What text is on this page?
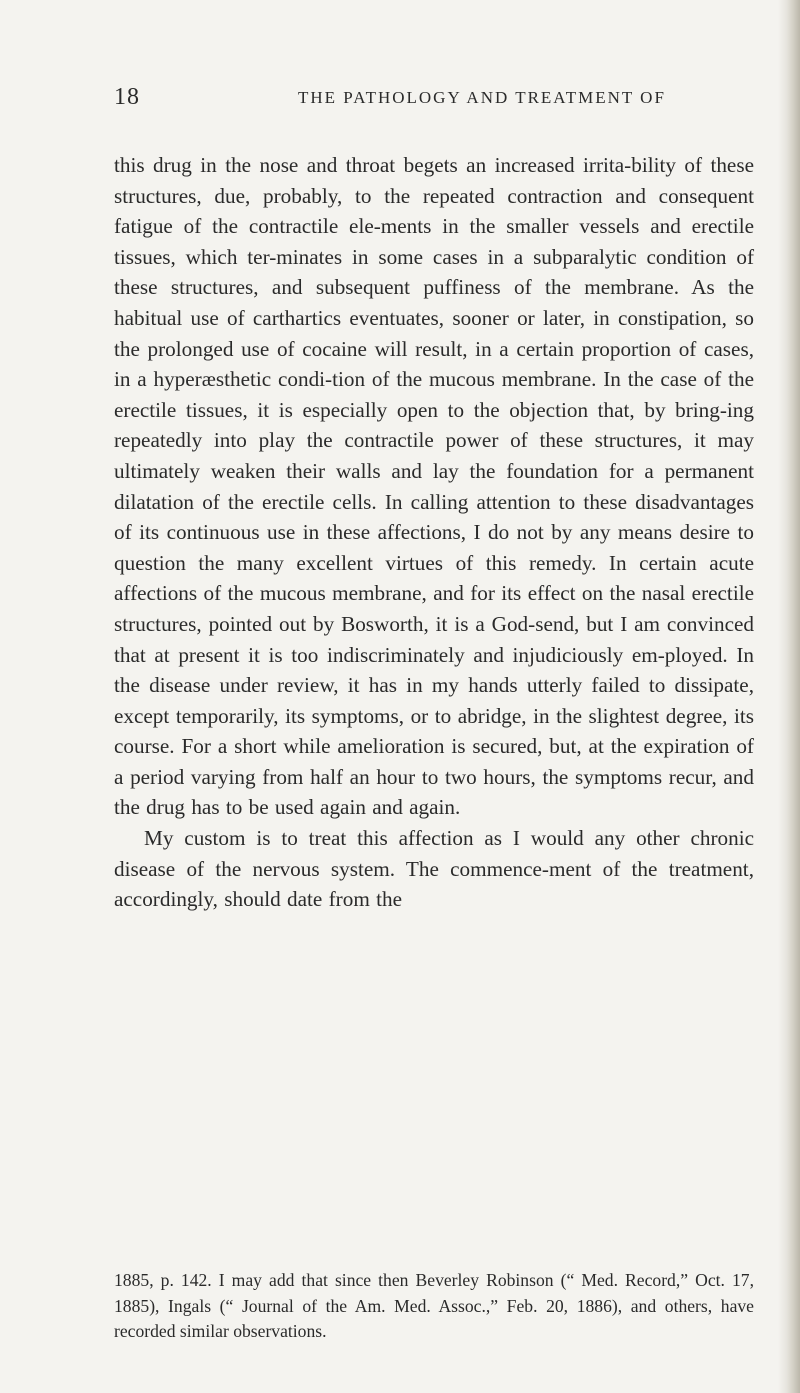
18	THE PATHOLOGY AND TREATMENT OF

this drug in the nose and throat begets an increased irrita-bility of these structures, due, probably, to the repeated contraction and consequent fatigue of the contractile ele-ments in the smaller vessels and erectile tissues, which ter-minates in some cases in a subparalytic condition of these structures, and subsequent puffiness of the membrane. As the habitual use of carthartics eventuates, sooner or later, in constipation, so the prolonged use of cocaine will result, in a certain proportion of cases, in a hyperæsthetic condi-tion of the mucous membrane. In the case of the erectile tissues, it is especially open to the objection that, by bring-ing repeatedly into play the contractile power of these structures, it may ultimately weaken their walls and lay the foundation for a permanent dilatation of the erectile cells. In calling attention to these disadvantages of its continuous use in these affections, I do not by any means desire to question the many excellent virtues of this remedy. In certain acute affections of the mucous membrane, and for its effect on the nasal erectile structures, pointed out by Bosworth, it is a God-send, but I am convinced that at present it is too indiscriminately and injudiciously em-ployed. In the disease under review, it has in my hands utterly failed to dissipate, except temporarily, its symptoms, or to abridge, in the slightest degree, its course. For a short while amelioration is secured, but, at the expiration of a period varying from half an hour to two hours, the symptoms recur, and the drug has to be used again and again.

My custom is to treat this affection as I would any other chronic disease of the nervous system. The commence-ment of the treatment, accordingly, should date from the

1885, p. 142. I may add that since then Beverley Robinson (“ Med. Record,” Oct. 17, 1885), Ingals (“ Journal of the Am. Med. Assoc.,” Feb. 20, 1886), and others, have recorded similar observations.
